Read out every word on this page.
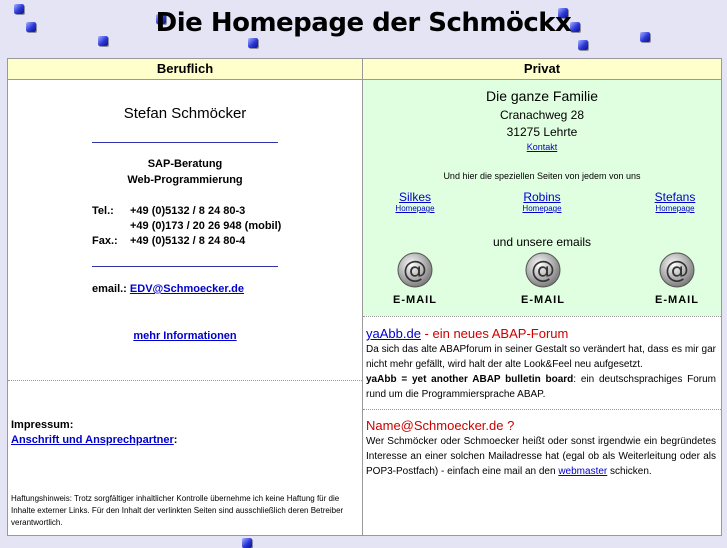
Die Homepage der Schmöckx
Beruflich	Privat
Stefan Schmöcker
SAP-Beratung
Web-Programmierung
Tel.: +49 (0)5132 / 8 24 80-3
+49 (0)173 / 20 26 948 (mobil)
Fax.: +49 (0)5132 / 8 24 80-4
email.: EDV@Schmoecker.de
mehr Informationen
Impressum:
Anschrift und Ansprechpartner:
Haftungshinweis: Trotz sorgfältiger inhaltlicher Kontrolle übernehme ich keine Haftung für die Inhalte externer Links. Für den Inhalt der verlinkten Seiten sind ausschließlich deren Betreiber verantwortlich.
Die ganze Familie
Cranachweg 28
31275 Lehrte
Kontakt
Und hier die speziellen Seiten von jedem von uns
Silkes
Homepage
Robins
Homepage
Stefans
Homepage
und unsere emails
@
E-MAIL
@
E-MAIL
@
E-MAIL
yaAbb.de - ein neues ABAP-Forum
Da sich das alte ABAPforum in seiner Gestalt so verändert hat, dass es mir gar nicht mehr gefällt, wird halt der alte Look&Feel neu aufgesetzt.
yaAbb = yet another ABAP bulletin board: ein deutschsprachiges Forum rund um die Programmiersprache ABAP.
Name@Schmoecker.de ?
Wer Schmöcker oder Schmoecker heißt oder sonst irgendwie ein begründetes Interesse an einer solchen Mailadresse hat (egal ob als Weiterleitung oder als POP3-Postfach) - einfach eine mail an den webmaster schicken.
